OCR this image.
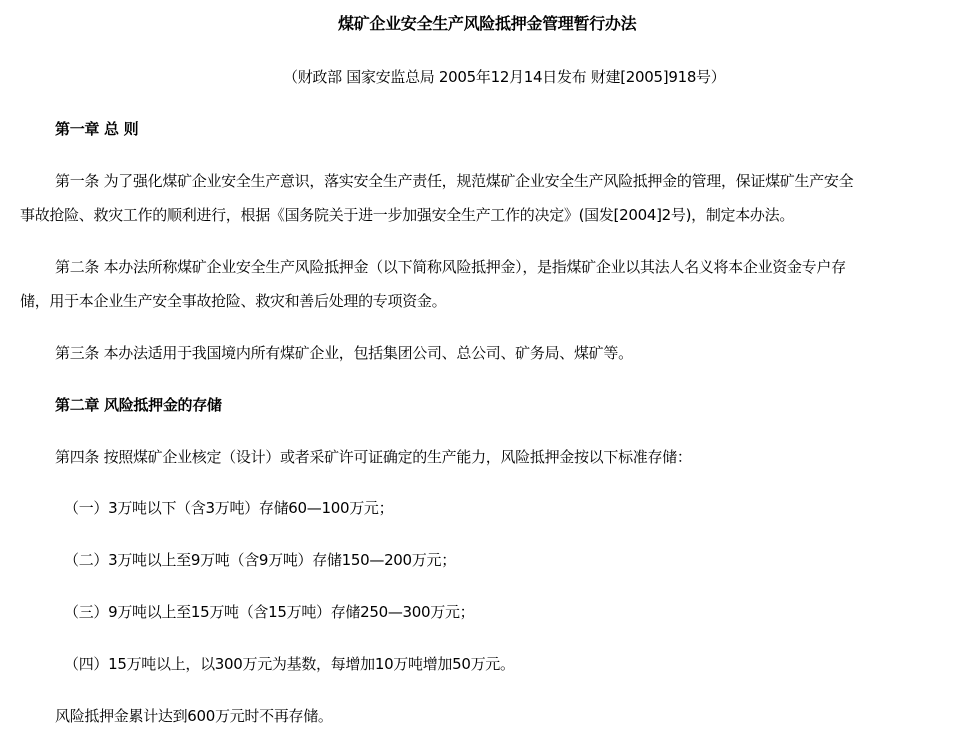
煤矿企业安全生产风险抵押金管理暂行办法
（财政部 国家安监总局 2005年12月14日发布 财建[2005]918号）
第一章 总 则
第一条 为了强化煤矿企业安全生产意识，落实安全生产责任，规范煤矿企业安全生产风险抵押金的管理，保证煤矿生产安全
事故抢险、救灾工作的顺利进行，根据《国务院关于进一步加强安全生产工作的决定》(国发[2004]2号)，制定本办法。
第二条 本办法所称煤矿企业安全生产风险抵押金（以下简称风险抵押金），是指煤矿企业以其法人名义将本企业资金专户存
储，用于本企业生产安全事故抢险、救灾和善后处理的专项资金。
第三条 本办法适用于我国境内所有煤矿企业，包括集团公司、总公司、矿务局、煤矿等。
第二章 风险抵押金的存储
第四条 按照煤矿企业核定（设计）或者采矿许可证确定的生产能力，风险抵押金按以下标准存储：
（一）3万吨以下（含3万吨）存储60—100万元；
（二）3万吨以上至9万吨（含9万吨）存储150—200万元；
（三）9万吨以上至15万吨（含15万吨）存储250—300万元；
（四）15万吨以上，以300万元为基数，每增加10万吨增加50万元。
风险抵押金累计达到600万元时不再存储。
